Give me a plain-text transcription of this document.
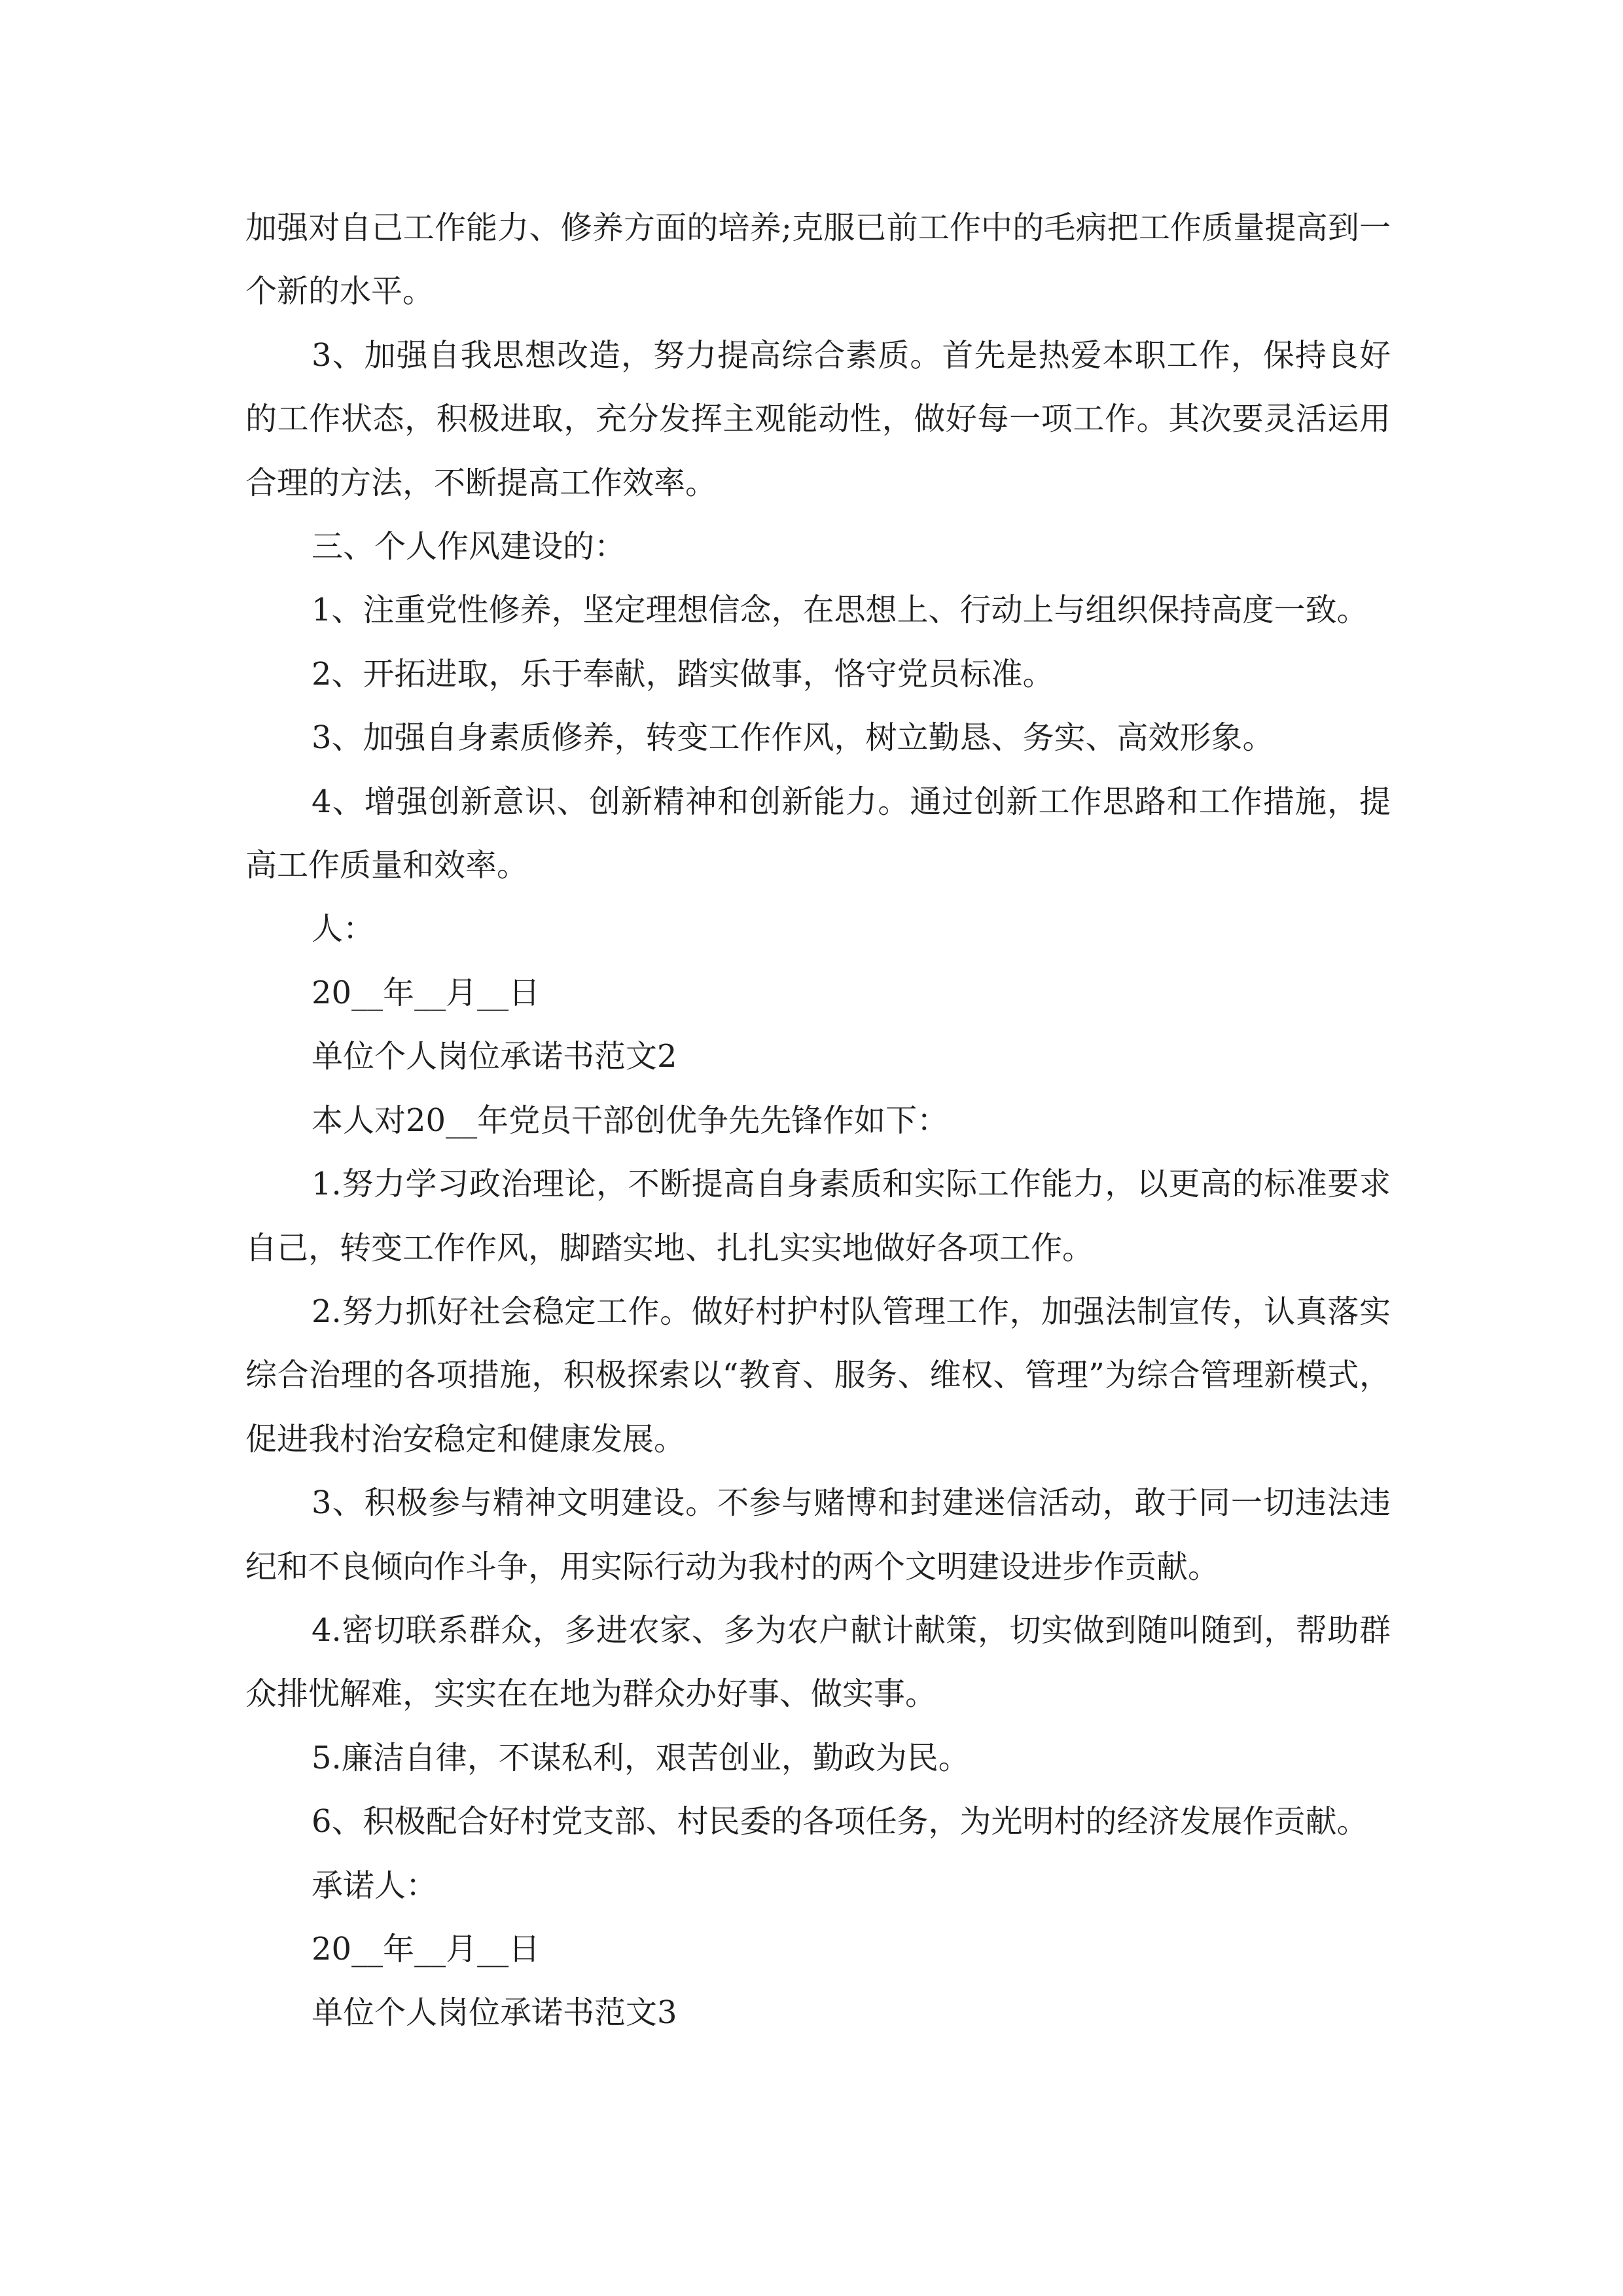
加强对自己工作能力、修养方面的培养;克服已前工作中的毛病把工作质量提高到一个新的水平。

3、加强自我思想改造，努力提高综合素质。首先是热爱本职工作，保持良好的工作状态，积极进取，充分发挥主观能动性，做好每一项工作。其次要灵活运用合理的方法，不断提高工作效率。

三、个人作风建设的：

1、注重党性修养，坚定理想信念，在思想上、行动上与组织保持高度一致。

2、开拓进取，乐于奉献，踏实做事，恪守党员标准。

3、加强自身素质修养，转变工作作风，树立勤恳、务实、高效形象。

4、增强创新意识、创新精神和创新能力。通过创新工作思路和工作措施，提高工作质量和效率。

人：

20__年__月__日

单位个人岗位承诺书范文2

本人对20__年党员干部创优争先先锋作如下：

1.努力学习政治理论，不断提高自身素质和实际工作能力，以更高的标准要求自己，转变工作作风，脚踏实地、扎扎实实地做好各项工作。

2.努力抓好社会稳定工作。做好村护村队管理工作，加强法制宣传，认真落实综合治理的各项措施，积极探索以“教育、服务、维权、管理”为综合管理新模式，促进我村治安稳定和健康发展。

3、积极参与精神文明建设。不参与赌博和封建迷信活动，敢于同一切违法违纪和不良倾向作斗争，用实际行动为我村的两个文明建设进步作贡献。

4.密切联系群众，多进农家、多为农户献计献策，切实做到随叫随到，帮助群众排忧解难，实实在在地为群众办好事、做实事。

5.廉洁自律，不谋私利，艰苦创业，勤政为民。

6、积极配合好村党支部、村民委的各项任务，为光明村的经济发展作贡献。

承诺人：

20__年__月__日

单位个人岗位承诺书范文3
